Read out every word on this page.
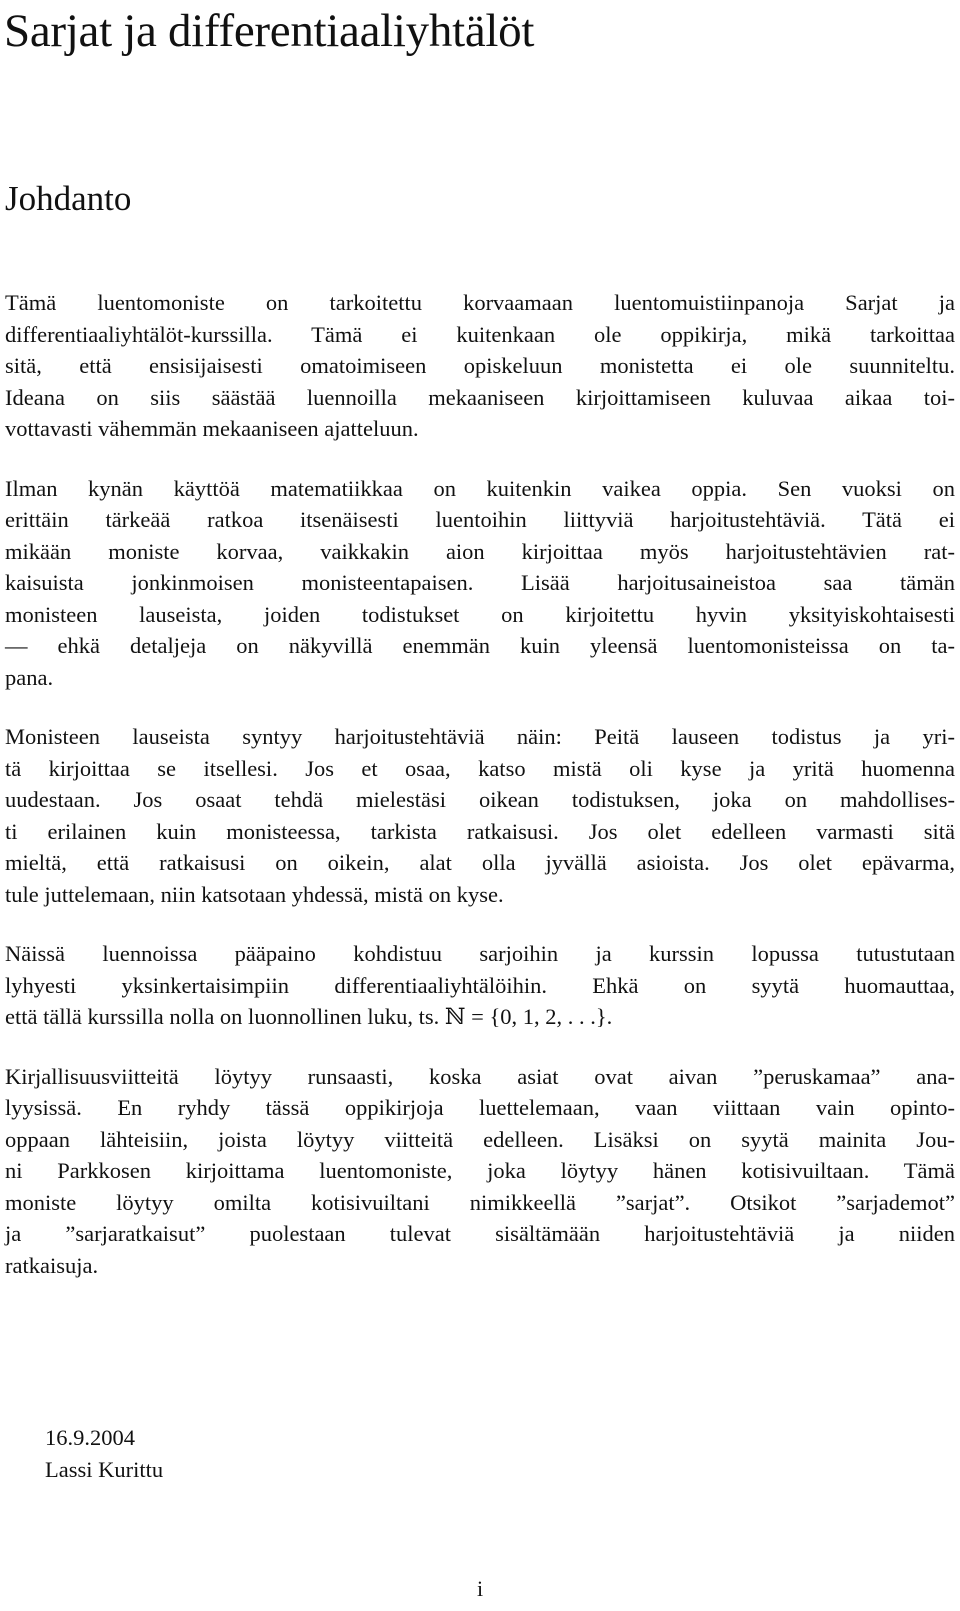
Sarjat ja differentiaaliyhtälöt
Johdanto

Tämä luentomoniste on tarkoitettu korvaamaan luentomuistiinpanoja Sarjat ja
differentiaaliyhtälöt-kurssilla. Tämä ei kuitenkaan ole oppikirja, mikä tarkoittaa
sitä, että ensisijaisesti omatoimiseen opiskeluun monistetta ei ole suunniteltu.
Ideana on siis säästää luennoilla mekaaniseen kirjoittamiseen kuluvaa aikaa toi-
vottavasti vähemmän mekaaniseen ajatteluun.

Ilman kynän käyttöä matematiikkaa on kuitenkin vaikea oppia. Sen vuoksi on
erittäin tärkeää ratkoa itsenäisesti luentoihin liittyviä harjoitustehtäviä. Tätä ei
mikään moniste korvaa, vaikkakin aion kirjoittaa myös harjoitustehtävien rat-
kaisuista jonkinmoisen monisteentapaisen. Lisää harjoitusaineistoa saa tämän
monisteen lauseista, joiden todistukset on kirjoitettu hyvin yksityiskohtaisesti
— ehkä detaljeja on näkyvillä enemmän kuin yleensä luentomonisteissa on ta-
pana.

Monisteen lauseista syntyy harjoitustehtäviä näin: Peitä lauseen todistus ja yri-
tä kirjoittaa se itsellesi. Jos et osaa, katso mistä oli kyse ja yritä huomenna
uudestaan. Jos osaat tehdä mielestäsi oikean todistuksen, joka on mahdollises-
ti erilainen kuin monisteessa, tarkista ratkaisusi. Jos olet edelleen varmasti sitä
mieltä, että ratkaisusi on oikein, alat olla jyvällä asioista. Jos olet epävarma,
tule juttelemaan, niin katsotaan yhdessä, mistä on kyse.

Näissä luennoissa pääpaino kohdistuu sarjoihin ja kurssin lopussa tutustutaan
lyhyesti yksinkertaisimpiin differentiaaliyhtälöihin. Ehkä on syytä huomauttaa,
että tällä kurssilla nolla on luonnollinen luku, ts. ℕ = {0, 1, 2, . . .}.

Kirjallisuusviitteitä löytyy runsaasti, koska asiat ovat aivan ”peruskamaa” ana-
lyysissä. En ryhdy tässä oppikirjoja luettelemaan, vaan viittaan vain opinto-
oppaan lähteisiin, joista löytyy viitteitä edelleen. Lisäksi on syytä mainita Jou-
ni Parkkosen kirjoittama luentomoniste, joka löytyy hänen kotisivuiltaan. Tämä
moniste löytyy omilta kotisivuiltani nimikkeellä ”sarjat”. Otsikot ”sarjademot”
ja ”sarjaratkaisut” puolestaan tulevat sisältämään harjoitustehtäviä ja niiden
ratkaisuja.

16.9.2004
Lassi Kurittu
i
